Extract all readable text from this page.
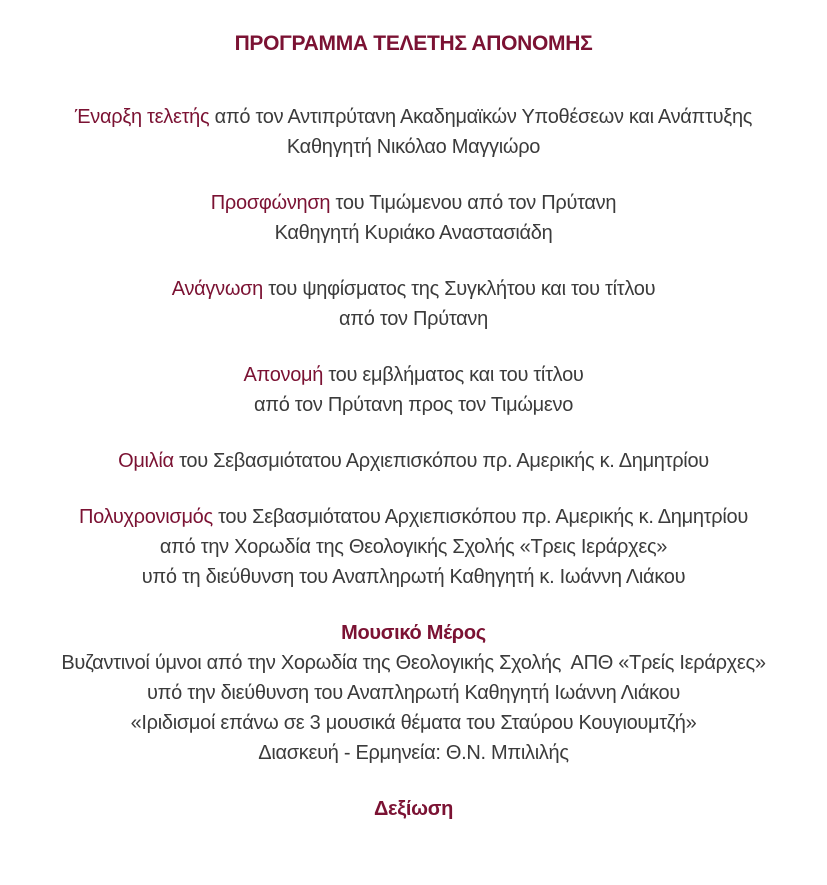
ΠΡΟΓΡΑΜΜΑ ΤΕΛΕΤΗΣ ΑΠΟΝΟΜΗΣ
Έναρξη τελετής από τον Αντιπρύτανη Ακαδημαϊκών Υποθέσεων και Ανάπτυξης
Καθηγητή Νικόλαο Μαγγιώρο
Προσφώνηση του Τιμώμενου από τον Πρύτανη
Καθηγητή Κυριάκο Αναστασιάδη
Ανάγνωση του ψηφίσματος της Συγκλήτου και του τίτλου
από τον Πρύτανη
Απονομή του εμβλήματος και του τίτλου
από τον Πρύτανη προς τον Τιμώμενο
Ομιλία του Σεβασμιότατου Αρχιεπισκόπου πρ. Αμερικής κ. Δημητρίου
Πολυχρονισμός του Σεβασμιότατου Αρχιεπισκόπου πρ. Αμερικής κ. Δημητρίου
από την Χορωδία της Θεολογικής Σχολής «Τρεις Ιεράρχες»
υπό τη διεύθυνση του Αναπληρωτή Καθηγητή κ. Ιωάννη Λιάκου
Μουσικό Μέρος
Βυζαντινοί ύμνοι από την Χορωδία της Θεολογικής Σχολής  ΑΠΘ «Τρείς Ιεράρχες»
υπό την διεύθυνση του Αναπληρωτή Καθηγητή Ιωάννη Λιάκου
«Ιριδισμοί επάνω σε 3 μουσικά θέματα του Σταύρου Κουγιουμτζή»
Διασκευή - Ερμηνεία: Θ.Ν. Μπιλιλής
Δεξίωση
